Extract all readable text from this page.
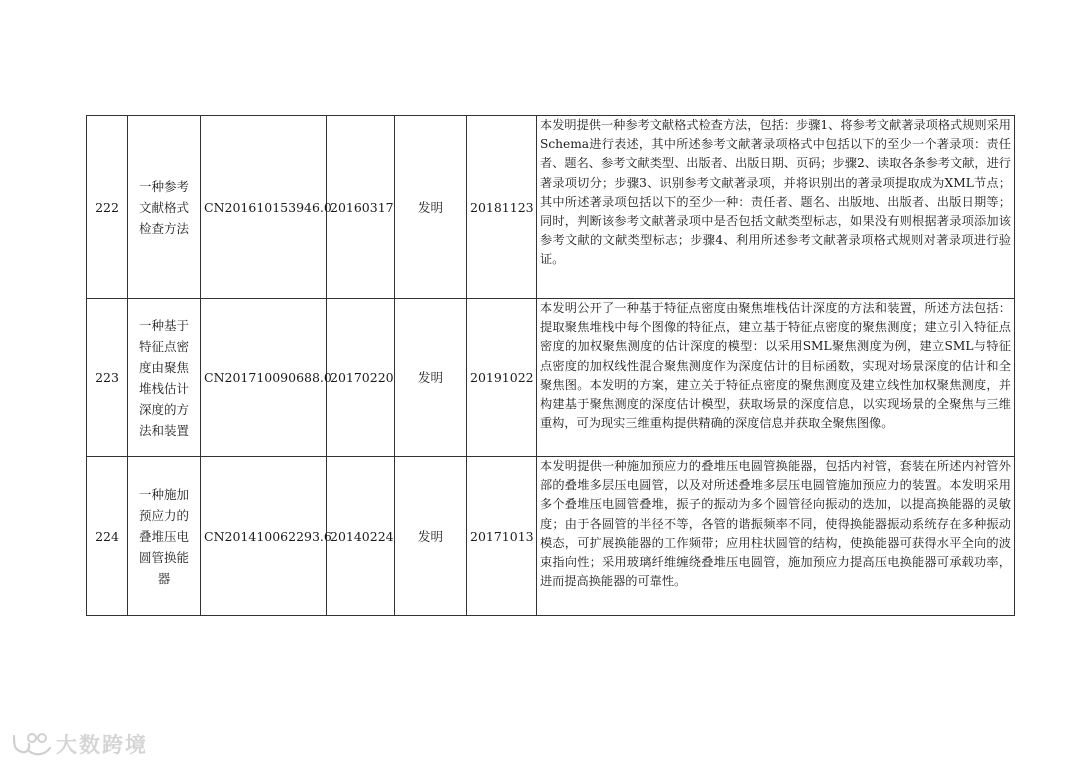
222	一种参考文献格式检查方法	CN201610153946.0	20160317	发明	20181123	本发明提供一种参考文献格式检查方法，包括：步骤1、将参考文献著录项格式规则采用Schema进行表述，其中所述参考文献著录项格式中包括以下的至少一个著录项：责任者、题名、参考文献类型、出版者、出版日期、页码；步骤2、读取各条参考文献，进行著录项切分；步骤3、识别参考文献著录项，并将识别出的著录项提取成为XML节点；其中所述著录项包括以下的至少一种：责任者、题名、出版地、出版者、出版日期等；同时，判断该参考文献著录项中是否包括文献类型标志，如果没有则根据著录项添加该参考文献的文献类型标志；步骤4、利用所述参考文献著录项格式规则对著录项进行验证。
223	一种基于特征点密度由聚焦堆栈估计深度的方法和装置	CN201710090688.0	20170220	发明	20191022	本发明公开了一种基于特征点密度由聚焦堆栈估计深度的方法和装置，所述方法包括：提取聚焦堆栈中每个图像的特征点，建立基于特征点密度的聚焦测度；建立引入特征点密度的加权聚焦测度的估计深度的模型：以采用SML聚焦测度为例，建立SML与特征点密度的加权线性混合聚焦测度作为深度估计的目标函数，实现对场景深度的估计和全聚焦图。本发明的方案，建立关于特征点密度的聚焦测度及建立线性加权聚焦测度，并构建基于聚焦测度的深度估计模型，获取场景的深度信息，以实现场景的全聚焦与三维重构，可为现实三维重构提供精确的深度信息并获取全聚焦图像。
224	一种施加预应力的叠堆压电圆管换能器	CN201410062293.6	20140224	发明	20171013	本发明提供一种施加预应力的叠堆压电圆管换能器，包括内衬管，套装在所述内衬管外部的叠堆多层压电圆管，以及对所述叠堆多层压电圆管施加预应力的装置。本发明采用多个叠堆压电圆管叠堆，振子的振动为多个圆管径向振动的迭加，以提高换能器的灵敏度；由于各圆管的半径不等，各管的谐振频率不同，使得换能器振动系统存在多种振动模态，可扩展换能器的工作频带；应用柱状圆管的结构，使换能器可获得水平全向的波束指向性；采用玻璃纤维缠绕叠堆压电圆管，施加预应力提高压电换能器可承载功率，进而提高换能器的可靠性。
大数跨境
